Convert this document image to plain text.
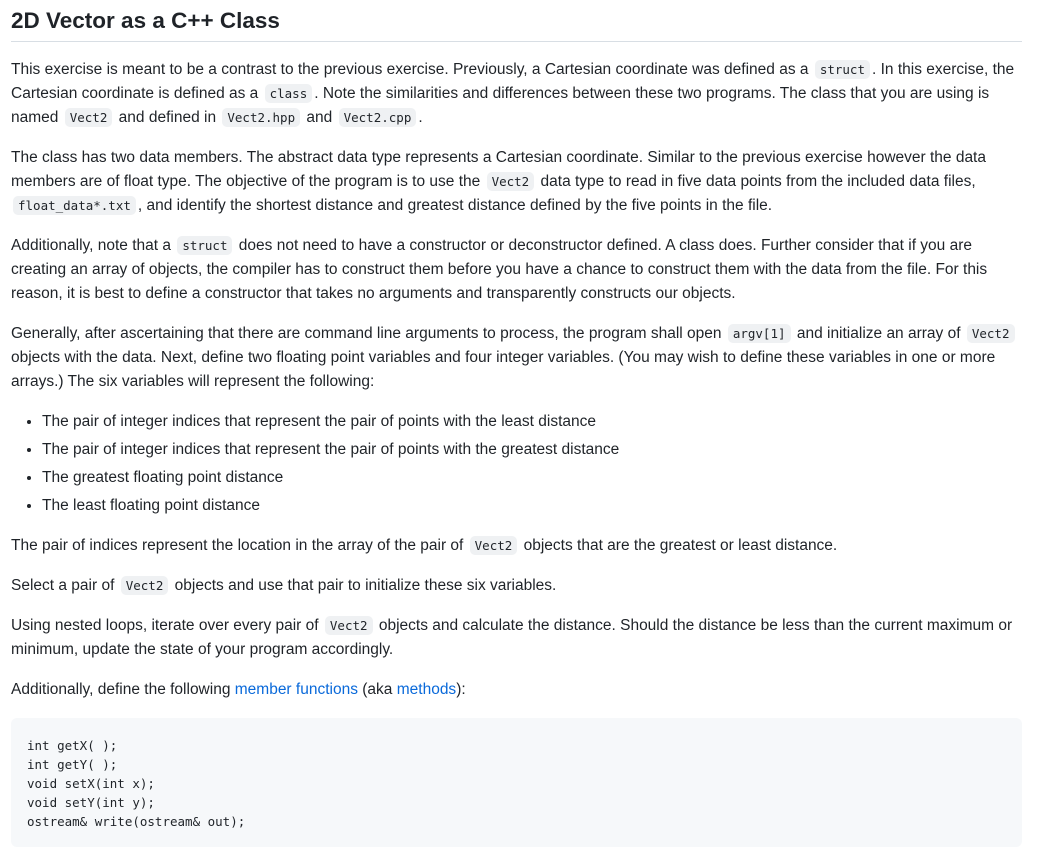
2D Vector as a C++ Class

This exercise is meant to be a contrast to the previous exercise. Previously, a Cartesian coordinate was defined as a struct . In this exercise, the Cartesian coordinate is defined as a class . Note the similarities and differences between these two programs. The class that you are using is named Vect2 and defined in Vect2.hpp and Vect2.cpp .

The class has two data members. The abstract data type represents a Cartesian coordinate. Similar to the previous exercise however the data members are of float type. The objective of the program is to use the Vect2 data type to read in five data points from the included data files, float_data*.txt , and identify the shortest distance and greatest distance defined by the five points in the file.

Additionally, note that a struct does not need to have a constructor or deconstructor defined. A class does. Further consider that if you are creating an array of objects, the compiler has to construct them before you have a chance to construct them with the data from the file. For this reason, it is best to define a constructor that takes no arguments and transparently constructs our objects.

Generally, after ascertaining that there are command line arguments to process, the program shall open argv[1] and initialize an array of Vect2 objects with the data. Next, define two floating point variables and four integer variables. (You may wish to define these variables in one or more arrays.) The six variables will represent the following:

• The pair of integer indices that represent the pair of points with the least distance
• The pair of integer indices that represent the pair of points with the greatest distance
• The greatest floating point distance
• The least floating point distance

The pair of indices represent the location in the array of the pair of Vect2 objects that are the greatest or least distance.

Select a pair of Vect2 objects and use that pair to initialize these six variables.

Using nested loops, iterate over every pair of Vect2 objects and calculate the distance. Should the distance be less than the current maximum or minimum, update the state of your program accordingly.

Additionally, define the following member functions (aka methods):

int getX( );
int getY( );
void setX(int x);
void setY(int y);
ostream& write(ostream& out);
